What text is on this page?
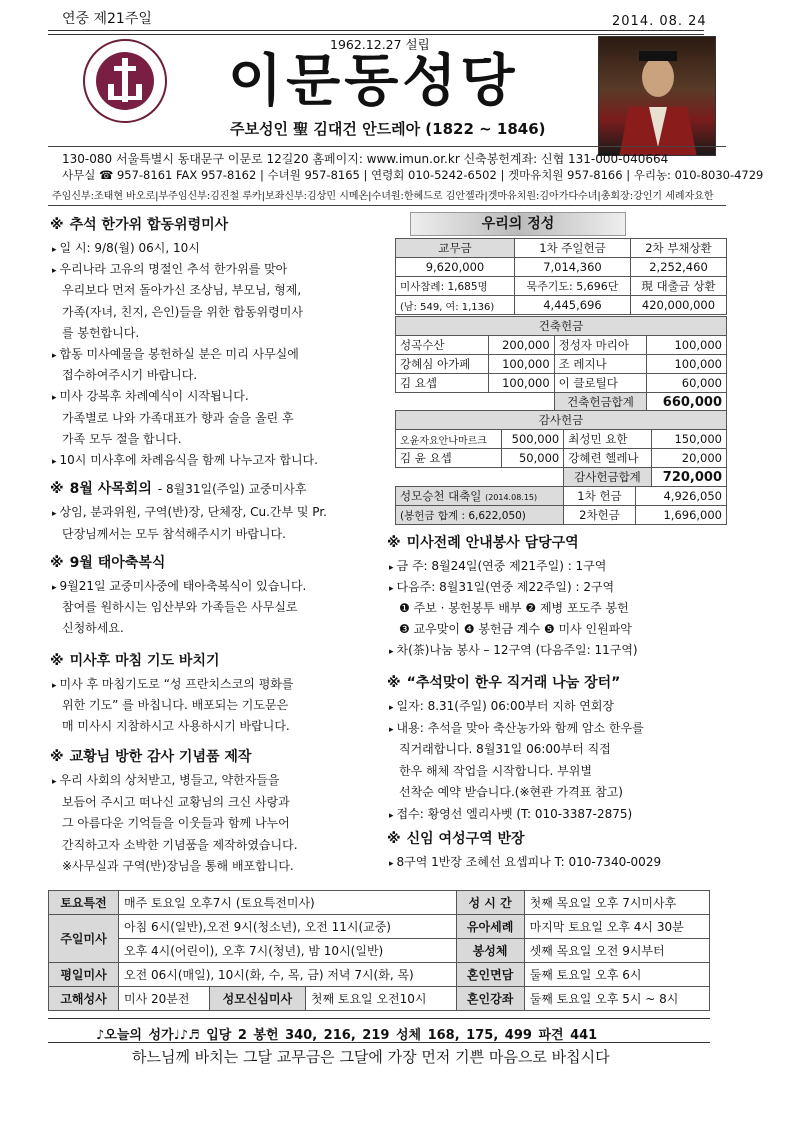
연중 제21주일	2014. 08. 24
1962.12.27 설립
이문동성당
주보성인 聖 김대건 안드레아 (1822 ~ 1846)
130-080 서울특별시 동대문구 이문로 12길20 홈페이지: www.imun.or.kr 신축봉헌계좌: 신협 131-000-040664
사무실 ☎ 957-8161 FAX 957-8162 | 수녀원 957-8165 | 연령회 010-5242-6502 | 겟마유치원 957-8166 | 우리농: 010-8030-4729
주임신부:조태현 바오로|부주임신부:김진철 루카|보좌신부:김상민 시메온|수녀원:한혜드로 김안젤라|겟마유치원:김아가다수녀|총회장:강인기 세례자요한
※ 추석 한가위 합동위령미사
▸ 일 시: 9/8(월) 06시, 10시
▸ 우리나라 고유의 명절인 추석 한가위를 맞아
우리보다 먼저 돌아가신 조상님, 부모님, 형제,
가족(자녀, 친지, 은인)들을 위한 합동위령미사
를 봉헌합니다.
▸ 합동 미사예물을 봉헌하실 분은 미리 사무실에
접수하여주시기 바랍니다.
▸ 미사 강복후 차례예식이 시작됩니다.
가족별로 나와 가족대표가 향과 술을 올린 후
가족 모두 절을 합니다.
▸ 10시 미사후에 차례음식을 함께 나누고자 합니다.
※ 8월 사목회의 - 8월31일(주일) 교중미사후
▸ 상임, 분과위원, 구역(반)장, 단체장, Cu.간부 및 Pr.
단장님께서는 모두 참석해주시기 바랍니다.
※ 9월 태아축복식
▸ 9월21일 교중미사중에 태아축복식이 있습니다.
참여를 원하시는 임산부와 가족들은 사무실로
신청하세요.
※ 미사후 마침 기도 바치기
▸ 미사 후 마침기도로 “성 프란치스코의 평화를
위한 기도” 를 바칩니다. 배포되는 기도문은
매 미사시 지참하시고 사용하시기 바랍니다.
※ 교황님 방한 감사 기념품 제작
▸ 우리 사회의 상처받고, 병들고, 약한자들을
보듬어 주시고 떠나신 교황님의 크신 사랑과
그 아름다운 기억들을 이웃들과 함께 나누어
간직하고자 소박한 기념품을 제작하였습니다.
※사무실과 구역(반)장님을 통해 배포합니다.
우리의 정성
교무금	1차 주일헌금	2차 부채상환
9,620,000	7,014,360	2,252,460
미사참례: 1,685명	묵주기도: 5,696단	現 대출금 상환
(남: 549, 여: 1,136)	4,445,696	420,000,000
건축헌금			
성곡수산	200,000	정성자 마리아	100,000
강혜심 아가페	100,000	조 레지나	100,000
김 요셉	100,000	이 클로틸다	60,000
		건축헌금합계	660,000
감사헌금			
오윤자요안나마르크	500,000	최성민 요한	150,000
김 윤 요셉	50,000	강혜련 헬레나	20,000
		감사헌금합계	720,000
성모승천 대축일 (2014.08.15)	1차 헌금	4,926,050
(봉헌금 합계 : 6,622,050)	2차헌금	1,696,000
※ 미사전례 안내봉사 담당구역
▸ 금 주: 8월24일(연중 제21주일) : 1구역
▸ 다음주: 8월31일(연중 제22주일) : 2구역
❶ 주보 · 봉헌봉투 배부 ❷ 제병 포도주 봉헌
❸ 교우맞이 ❹ 봉헌금 계수 ❺ 미사 인원파악
▸ 차(茶)나눔 봉사 – 12구역 (다음주일: 11구역)
※ “추석맞이 한우 직거래 나눔 장터”
▸ 일자: 8.31(주일) 06:00부터 지하 연회장
▸ 내용: 추석을 맞아 축산농가와 함께 암소 한우를
직거래합니다. 8월31일 06:00부터 직접
한우 해체 작업을 시작합니다. 부위별
선착순 예약 받습니다.(※현관 가격표 참고)
▸ 접수: 황영선 엘리사벳 (T: 010-3387-2875)
※ 신임 여성구역 반장
▸ 8구역 1반장 조혜선 요셉피나 T: 010-7340-0029
토요특전	매주 토요일 오후7시 (토요특전미사)			성 시 간	첫째 목요일 오후 7시미사후
주일미사	아침 6시(일반),오전 9시(청소년), 오전 11시(교중)			유아세례	마지막 토요일 오후 4시 30분
	오후 4시(어린이), 오후 7시(청년), 밤 10시(일반)			봉성체	셋째 목요일 오전 9시부터
평일미사	오전 06시(매일), 10시(화, 수, 목, 금) 저녁 7시(화, 목)			혼인면담	둘째 토요일 오후 6시
고해성사	미사 20분전	성모신심미사	첫째 토요일 오전10시	혼인강좌	둘째 토요일 오후 5시 ~ 8시
♪오늘의 성가♩♪♬ 입당 2 봉헌 340, 216, 219 성체 168, 175, 499 파견 441
하느님께 바치는 그달 교무금은 그달에 가장 먼저 기쁜 마음으로 바칩시다
